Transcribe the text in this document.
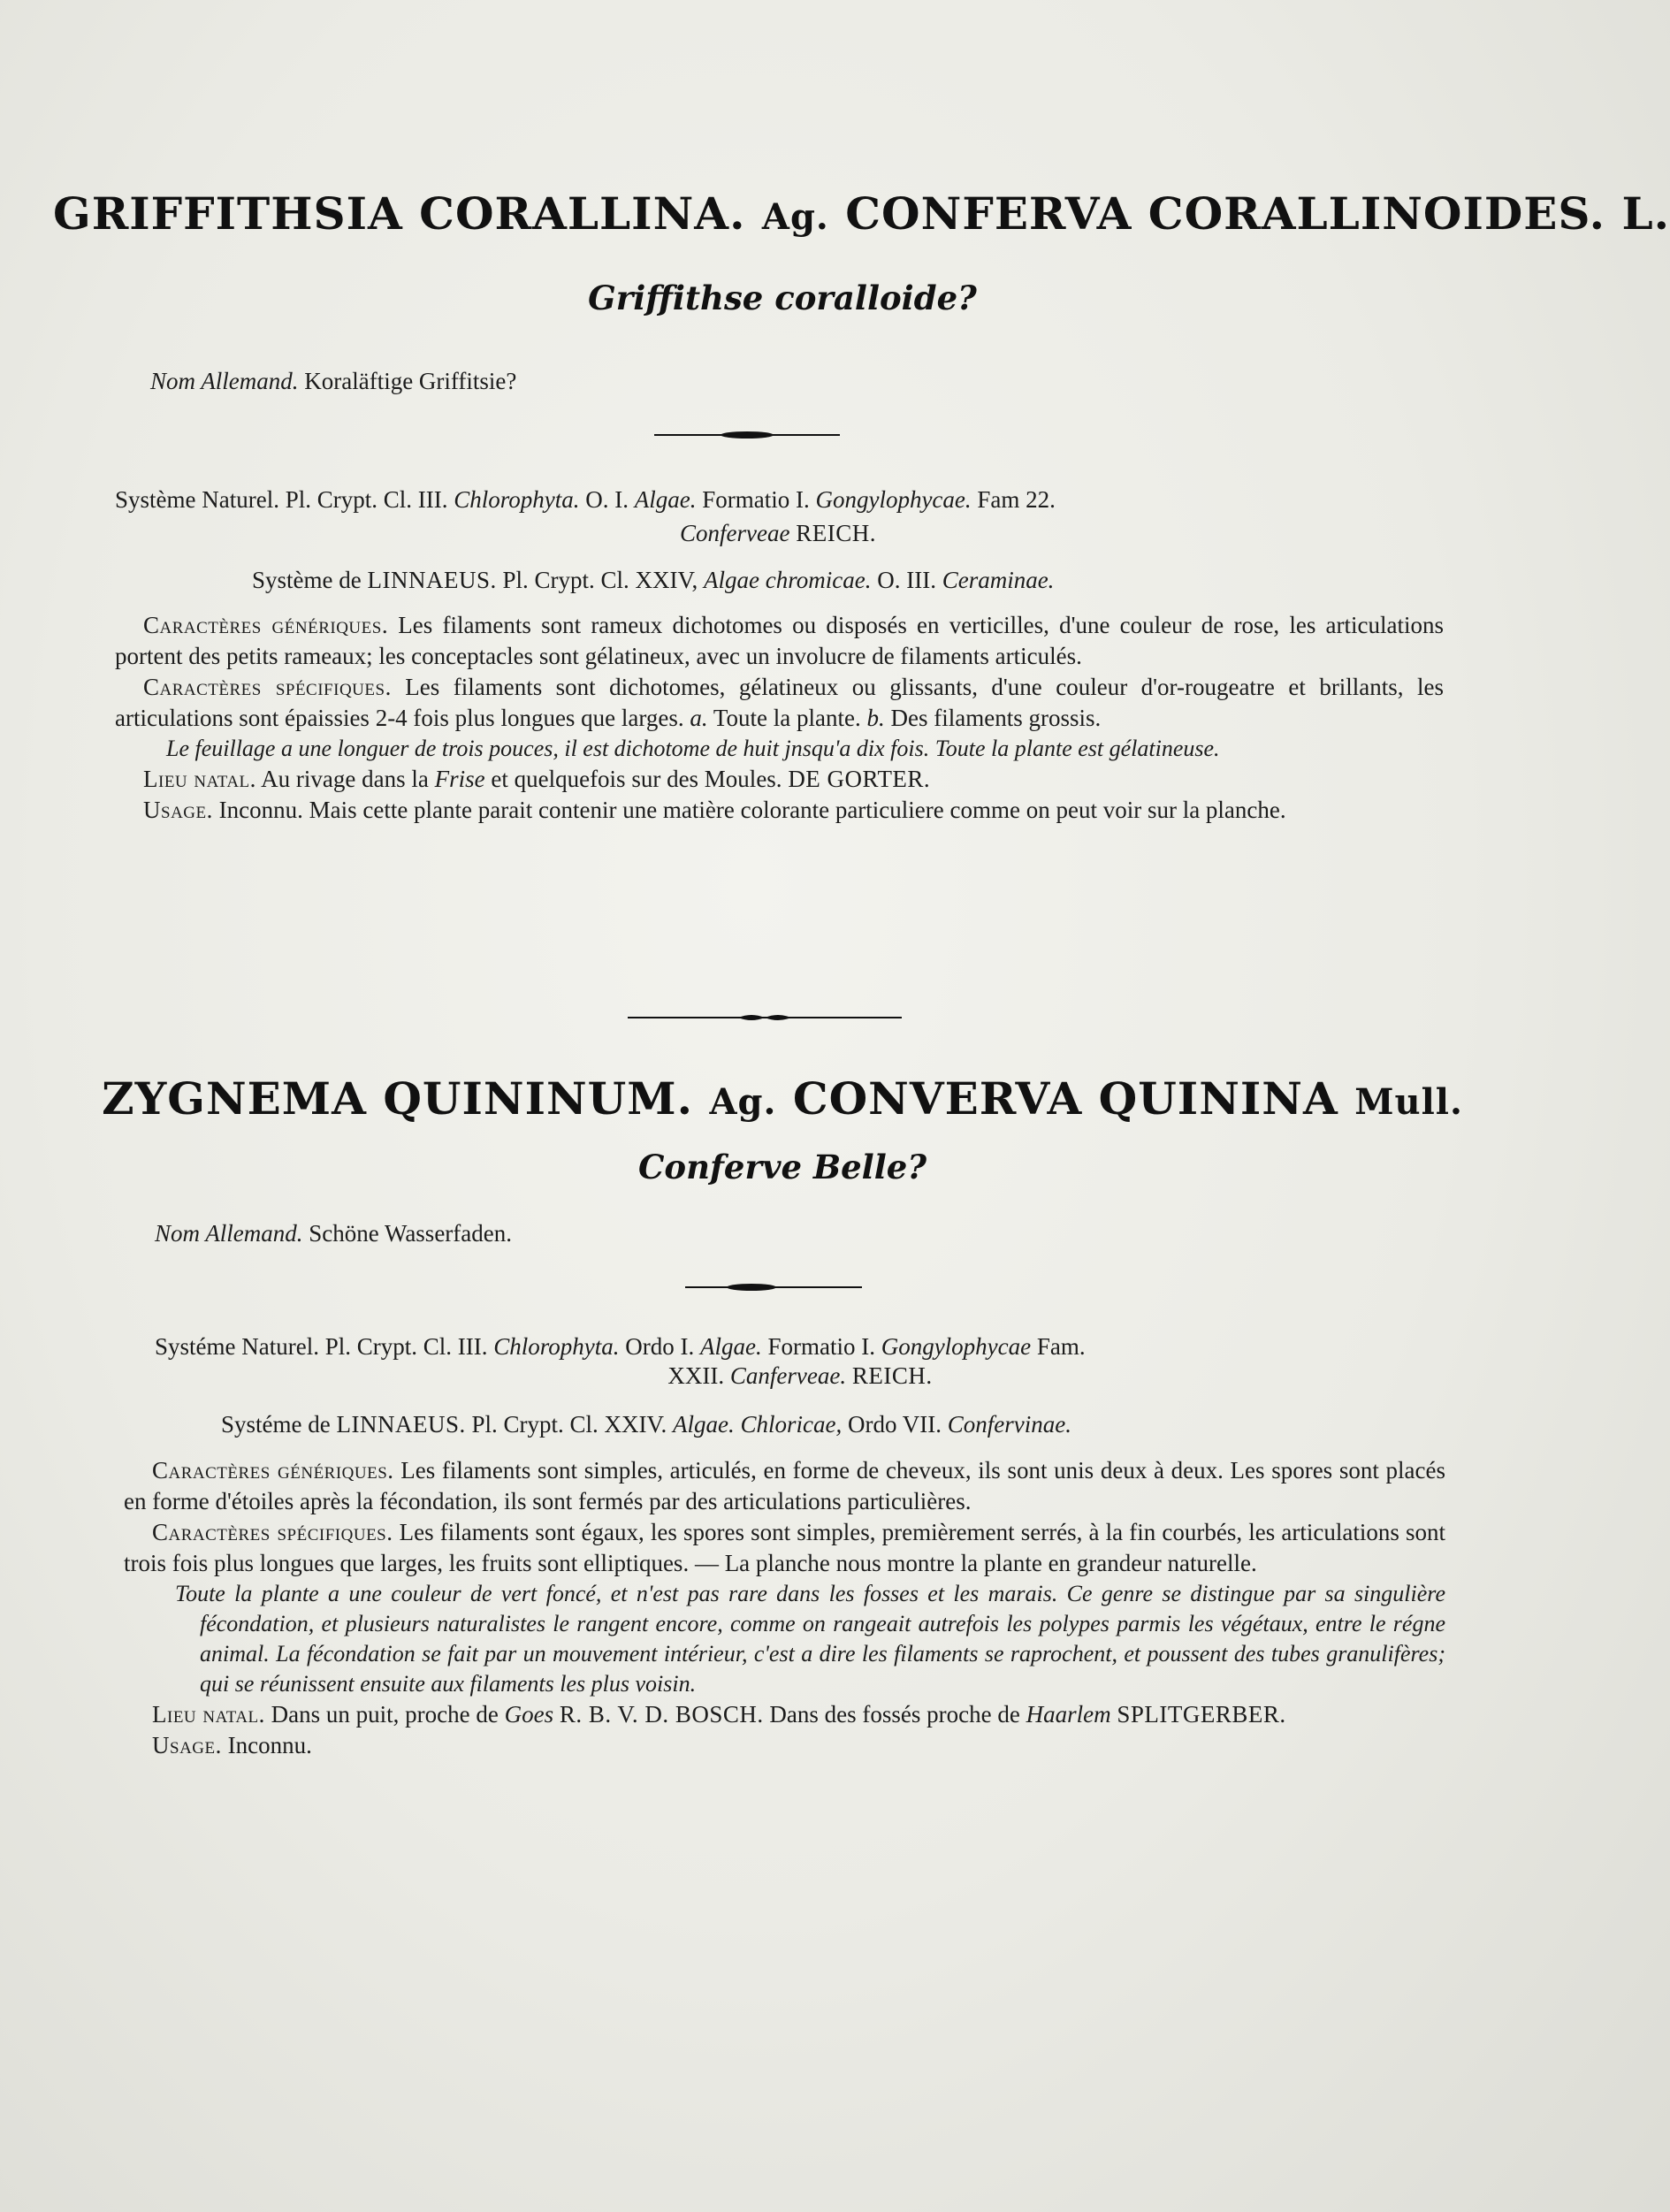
GRIFFITHSIA CORALLINA. Ag. CONFERVA CORALLINOIDES. L.
Griffithse coralloide?
Nom Allemand. Koraläftige Griffitsie?
Système Naturel. Pl. Crypt. Cl. III. Chlorophyta. O. I. Algae. Formatio I. Gongylophycae. Fam 22.
Conferveae REICH.
Système de LINNAEUS. Pl. Crypt. Cl. XXIV, Algae chromicae. O. III. Ceraminae.

Caractères génériques. Les filaments sont rameux dichotomes ou disposés en verticilles, d'une couleur de rose, les articulations portent des petits rameaux; les conceptacles sont gélatineux, avec un involucre de filaments articulés.

Caractères spécifiques. Les filaments sont dichotomes, gélatineux ou glissants, d'une couleur d'or-rougeatre et brillants, les articulations sont épaissies 2-4 fois plus longues que larges. a. Toute la plante. b. Des filaments grossis.

Le feuillage a une longuer de trois pouces, il est dichotome de huit jnsqu'a dix fois. Toute la plante est gélatineuse.

Lieu natal. Au rivage dans la Frise et quelquefois sur des Moules. DE GORTER.

Usage. Inconnu. Mais cette plante parait contenir une matière colorante particuliere comme on peut voir sur la planche.

ZYGNEMA QUININUM. Ag. CONVERVA QUININA Mull.
Conferve Belle?
Nom Allemand. Schöne Wasserfaden.
Systéme Naturel. Pl. Crypt. Cl. III. Chlorophyta. Ordo I. Algae. Formatio I. Gongylophycae Fam.
XXII. Canferveae. REICH.
Systéme de LINNAEUS. Pl. Crypt. Cl. XXIV. Algae. Chloricae, Ordo VII. Confervinae.

Caractères génériques. Les filaments sont simples, articulés, en forme de cheveux, ils sont unis deux à deux. Les spores sont placés en forme d'étoiles après la fécondation, ils sont fermés par des articulations particulières.

Caractères spécifiques. Les filaments sont égaux, les spores sont simples, premièrement serrés, à la fin courbés, les articulations sont trois fois plus longues que larges, les fruits sont elliptiques. — La planche nous montre la plante en grandeur naturelle.

Toute la plante a une couleur de vert foncé, et n'est pas rare dans les fosses et les marais. Ce genre se distingue par sa singulière fécondation, et plusieurs naturalistes le rangent encore, comme on rangeait autrefois les polypes parmis les végétaux, entre le régne animal. La fécondation se fait par un mouvement intérieur, c'est a dire les filaments se raprochent, et poussent des tubes granulifères; qui se réunissent ensuite aux filaments les plus voisin.

Lieu natal. Dans un puit, proche de Goes R. B. V. D. BOSCH. Dans des fossés proche de Haarlem SPLITGERBER.

Usage. Inconnu.
